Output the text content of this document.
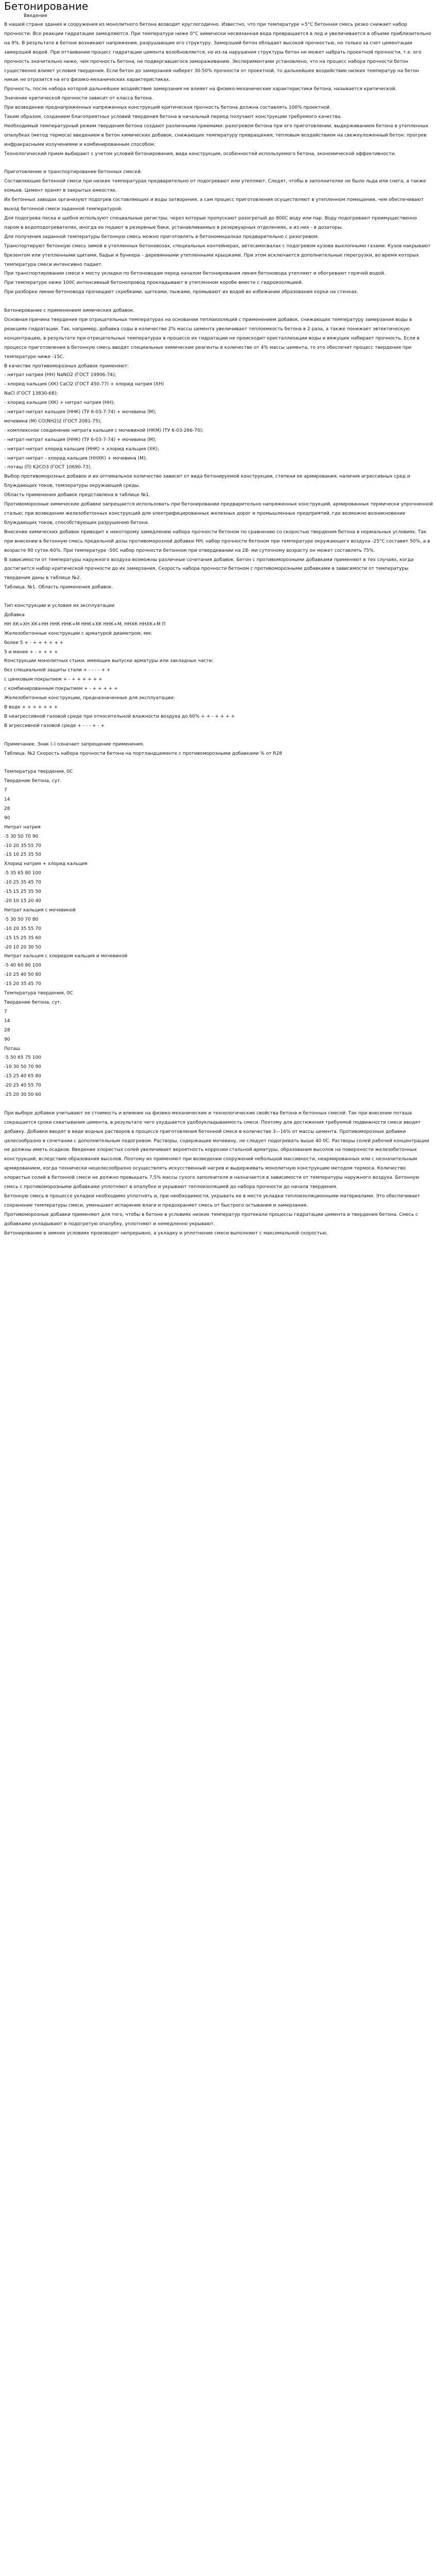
Бетонирование
Введение

В нашей стране здания и сооружения из монолитного бетона возводят круглогодично. Известно, что при температуре +5°С бетонная смесь резко снижает набор прочности. Все реакции гидратации замедляются. При температуре ниже 0°С химически несвязанная вода превращается в лед и увеличивается в объеме приблизительно на 9%. В результате в бетоне возникают напряжения, разрушающие его структуру. Замерзший бетон обладает высокой прочностью, но только за счет цементации замерзшей водой. При оттаивании процесс гидратации цемента возобновляется, но из-за нарушения структуры бетон не может набрать проектной прочности, т.е. его прочность значительно ниже, чем прочность бетона, не подвергавшегося замораживанию. Экспериментами установлено, что на процесс набора прочности бетон существенно влияет условия твердения. Если бетон до замерзания наберет 30-50% прочности от проектной, то дальнейшее воздействие низких температур на бетон никак не отразится на его физико-механических характеристиках.

Прочность, после набора которой дальнейшее воздействие замерзания не влияет на физико-механические характеристики бетона, называется критической.

Значение критической прочности зависит от класса бетона.

При возведении преднапряженных напряженных конструкций критическая прочность бетона должна составлять 100% проектной.

Таким образом, созданием благоприятных условий твердения бетона в начальный период получают конструкции требуемого качества.

Необходимый температурный режим твердения бетона создают различными приемами: разогревом бетона при его приготовлении, выдерживанием бетона в утепленных опалубках (метод термоса) введением в бетон химических добавок, снижающих температуру превращения; тепловым воздействием на свежеуложенный бетон: прогрев инфракрасными излучениями и комбинированным способом.

Технологический прием выбирают с учетом условий бетонирования, вида конструкции, особенностей используемого бетона, экономической эффективности.

Приготовление и транспортирование бетонных смесей.

Составляющие бетонной смеси при низких температурах предварительно от подогревают или утепляют. Следят, чтобы в заполнителях не было льда или снега, а также комьев. Цемент хранят в закрытых емкостях.

Их бетонных заводах организуют подогрев составляющих и воды затворения, а сам процесс приготовления осуществляют в утепленном помещении, чем обеспечивают выход бетонной смеси заданной температурой.

Для подогрева песка и щебня используют специальные регистры, через которые пропускают разогретый до 800С воду или пар. Воду подогревают преимущественно паром в водоподогревателях, иногда ее подают в резервные баки, устанавливаемых в резервуарных отделениях, а из них - в дозаторы.

Для получения заданной температуры бетонную смесь можно приготовлять в бетономешалках предварительно с разогревом.

Транспортируют бетонную смесь зимой в утепленных бетоновозах, специальных контейнерах, автосамосвалах с подогревом кузова выхлопными газами. Кузов накрывают брезентом или утепленными щитами, бадьи и бункера – деревянными утепленными крышками. При этом исключается дополнительные перегрузки, во время которых температура смеси интенсивно падает.

При транспортировании смеси к месту укладки по бетоноводам перед началом бетонирования линия бетоновода утепляют и обогревают горячей водой.

При температуре ниже 100С интенсивный бетонопровод прокладывают в утепленном коробе вместе с гидроизоляцией.

При разборке линии бетоновода прочищают скребками, щетками, пыжами, промывают их водой во избежании образования корки на стенках.

Бетонирование с применением химических добавок.

Основная причина твердения при отрицательных температурах на основании теплоизоляций с применением добавок, снижающих температуру замерзания воды в реакциях гидратации. Так, например, добавка соды в количестве 2% массы цемента увеличивает теплоемкость бетона в 2 раза, а также понижает эвтектическую концентрацию, в результате при отрицательных температурах в процессе их гидратации не происходит кристаллизации воды и вяжущее набирает прочность. Если в процессе приготовления в бетонную смесь вводят специальные химические реагенты в количестве от 4% массы цемента, то это обеспечит процесс твердения при температуре ниже -15С.

В качестве противоморозных добавок применяют:

- нитрат натрия (НН) NaNO2 (ГОСТ 19906-74);

- хлорид кальция (ХК) CaCl2 (ГОСТ 450-77) + хлорид натрия (ХН)

NaCl (ГОСТ 13830-68);

- хлорид кальция (ХК) + нитрат натрия (НН);

- нитрат-нитрат кальция (ННК) (ТУ 6-03-7-74) + мочевина (М);

мочевина (М) CO(NH2)2 (ГОСТ 2081-75);

- комплексное соединение нитрата кальция с мочевиной (НКМ) (ТУ 6-03-266-70);

- нитрат-нитрат кальция (ННК) (ТУ 6-03-7-74) + мочевина (М);

- нитрат-нитрат хлорид кальция (ННК) + хлорид кальция (ХК);

- нитрат-нитрат - хлорид кальция (ННХК) + мочевина (М);

- поташ (П) K2CO3 (ГОСТ 10690-73).

Выбор противоморозных добавок и их оптимальное количество зависит от вида бетонируемой конструкции, степени ее армирования, наличия агрессивных сред и блуждающих токов, температуры окружающей среды.

Область применения добавок представлена в таблице №1.

Противоморозные химические добавки запрещается использовать при бетонировании предварительно напряженных конструкций, армированных термически упрочненной сталью; при возведении железобетонных конструкций для электрифицированных железных дорог и промышленных предприятий, где возможно возникновение блуждающих токов, способствующих разрушению бетона.

Внесение химических добавок приводит к некоторому замедлению набора прочности бетоном по сравнению со скоростью твердения бетона в нормальных условиях. Так при внесении в бетонную смесь предельной дозы противоморозной добавки НН, набор прочности бетоном при температуре окружающего воздуха -25°С составит 50%, а в возрасте 90 суток-60%. При температуре -50С набор прочности бетонном при отвердевании на 28- ми суточному возрасту он может составлять 75%.

В зависимости от температуры наружного воздуха возможны различные сочетания добавок. Бетон с противоморозными добавками применяют в тех случаях, когда достигается набор критической прочности до их замерзания. Скорость набора прочности бетоном с противоморозными добавками в зависимости от температуры твердения даны в таблице №2.

Таблица. №1. Область применения добавок.

Тип конструкции и условия их эксплуатации

Добавка

НН ХК+ХН ХК+НН ННК ННК+М ННК+ХК ННК+М, ННХК ННХК+М П

Железобетонные конструкции с арматурой диаметром, мм:

более 5 + - + + + + + +

5 и менее + - + + + +

Конструкции монолитных стыки, имеющих выпуски арматуры или закладных части:

без специальной защиты стали + - - - - + +

с цинковым покрытием + - + + + + + +

с комбинированным покрытием + - + + + + +

Железобетонные конструкции, предназначенные для эксплуатации:

В воде + + + + + + +

В неагрессивной газовой среде при относительной влажности воздуха до 60% + + - + + + +

В агрессивной газовой среде + - - - + - +

Примечание. Знак (-) означает запрещение применения.

Таблица. №2 Скорость набора прочности бетона на портландцементе с противоморозными добавками % от R28

Температура твердения, 0С

Твердение бетона, сут.

7

14

28

90

Нитрат натрия

-5 30 50 70 90

-10 20 35 55 70

-15 10 25 35 50

Хлорид натрия + хлорид кальция

-5 35 65 80 100

-10 25 35 45 70

-15 15 25 35 50

-20 10 15 20 40

Нитрат кальция с мочевиной

-5 30 50 70 80

-10 20 35 55 70

-15 15 25 35 60

-20 10 20 30 50

Нитрат кальция с хлоридом кальция и мочевиной

-5 40 60 80 100

-10 25 40 50 80

-15 20 35 45 70

Температура твердения, 0С

Твердение бетона, сут.

7

14

28

90

Поташ

-5 50 65 75 100

-10 30 50 70 90

-15 25 40 65 80

-20 25 40 55 70

-25 20 30 50 60

При выборе добавки учитывают ее стоимость и влияние на физико-механические и технологические свойства бетона и бетонных смесей. Так при внесении поташа сокращается сроки схватывания цемента, в результате чего ухудшается удобоукладываемость смеси. Поэтому для достижения требуемой подвижности смеси вводят добавку. Добавки вводят в виде водных растворов в процессе приготовления бетонной смеси в количестве 3—16% от массы цемента. Противоморозные добавки целесообразно в сочетании с дополнительным подогревом. Растворы, содержащие мочевину, не следует подогревать выше 40 0С. Растворы солей рабочей концентрации не должны иметь осадков. Введение хлористых солей увеличивает вероятность коррозии стальной арматуры, образования высолов на поверхности железобетонных конструкций, вследствие образования высолов. Поэтому их применяют при возведении сооружений небольшой массивности, неармированных или с незначительным армированием, когда технически нецелесообразно осуществлять искусственный нагрев и выдерживать монолитную конструкцию методом термоса. Количество хлористых солей в бетонной смеси не должно превышать 7,5% массы сухого заполнителя и назначается в зависимости от температуры наружного воздуха. Бетонную смесь с противоморозными добавками уплотняют в опалубке и укрывают теплоизоляцией до набора прочности до начала твердения.

Бетонную смесь в процессе укладки необходимо уплотнять и, при необходимости, укрывать ее в месте укладки теплоизоляционными материалами. Это обеспечивает сохранение температуры смеси, уменьшает испарение влаги и предохраняет смесь от быстрого остывания и замерзания.

Противоморозные добавки применяют для того, чтобы в бетоне в условиях низких температур протекали процессы гидратации цемента и твердения бетона. Смесь с добавками укладывают в подогретую опалубку, уплотняют и немедленно укрывают.

Бетонирование в зимних условиях производят непрерывно, а укладку и уплотнение смеси выполняют с максимальной скоростью.
